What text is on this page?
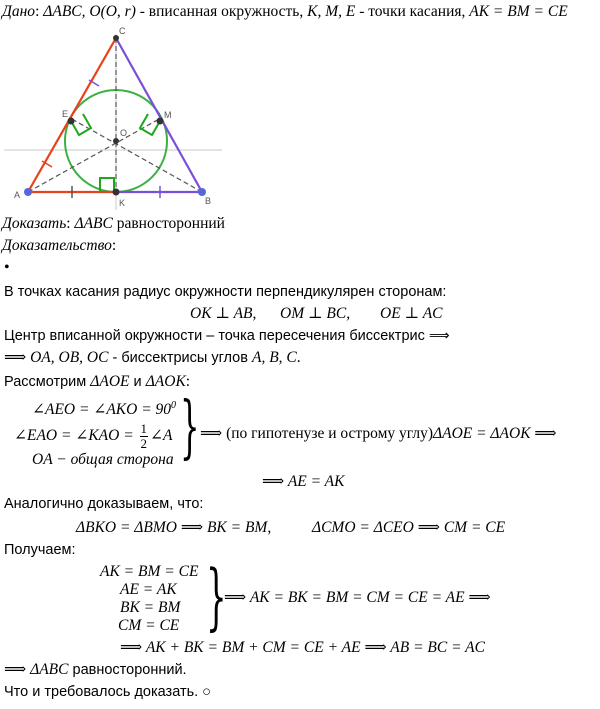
Дано: ΔABC, O(O, r) - вписанная окружность, K, M, E - точки касания, AK = BM = CE
C
A
B
E	M
O
K
Доказать: ΔABC равносторонний
Доказательство:
•
В точках касания радиус окружности перпендикулярен сторонам:
OK ⊥ AB, OM ⊥ BC, OE ⊥ AC
Центр вписанной окружности – точка пересечения биссектрис ⟹
⟹ OA, OB, OC - биссектрисы углов A, B, C.
Рассмотрим ΔAOE и ΔAOK:
∠AEO = ∠AKO = $90^0$
∠EAO = ∠KAO = $\frac{1}{2}$ ∠A
OA − общая сторона } ⟹ (по гипотенузе и острому углу)ΔAOE = ΔAOK ⟹
⟹ AE = AK
Аналогично доказываем, что:
ΔBKO = ΔBMO ⟹ BK = BM,	ΔCMO = ΔCEO ⟹ CM = CE
Получаем:
AK = BM = CE
AE = AK
BK = BM
CM = CE }
⟹ AK = BK = BM = CM = CE = AE ⟹
⟹ AK + BK = BM + CM = CE + AE ⟹ AB = BC = AC
⟹ ΔABC равносторонний.
Что и требовалось доказать. ○
